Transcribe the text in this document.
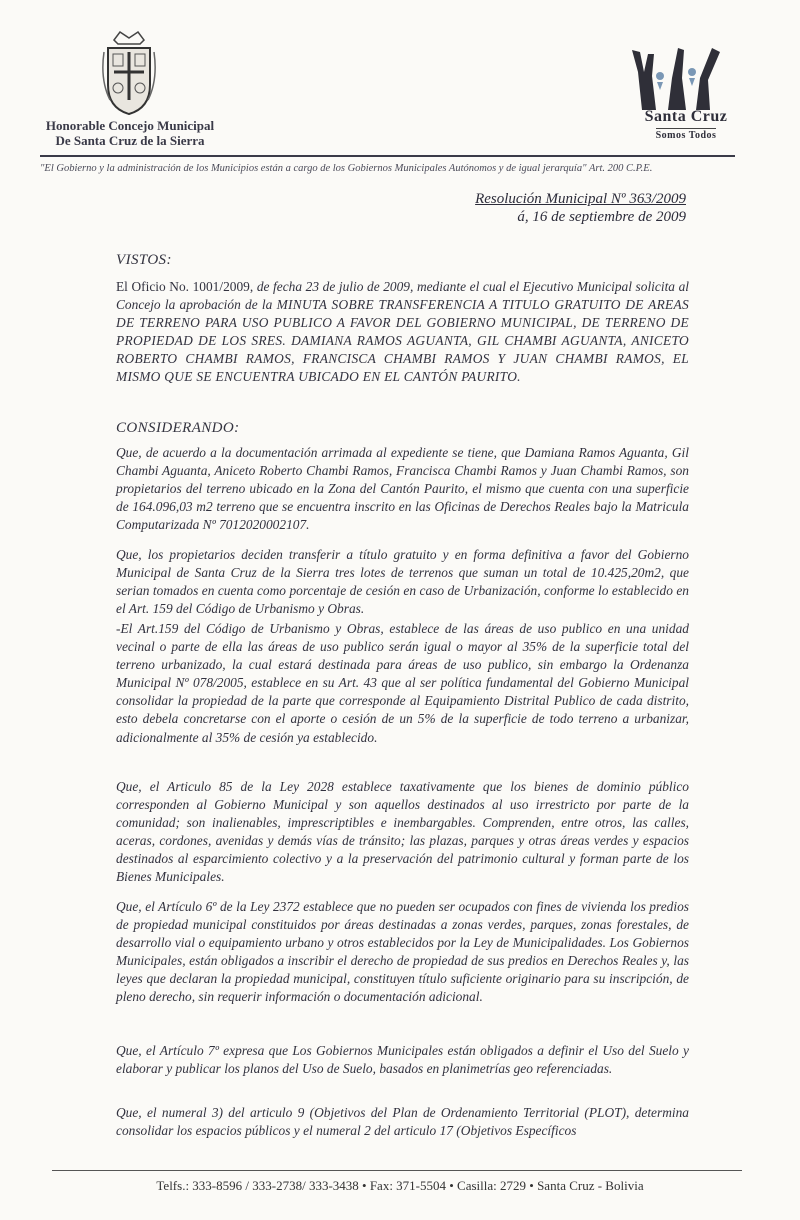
Honorable Concejo Municipal
De Santa Cruz de la Sierra
Santa Cruz
Somos Todos
"El Gobierno y la administración de los Municipios están a cargo de los Gobiernos Municipales Autónomos y de igual jerarquía" Art. 200 C.P.E.
Resolución Municipal Nº 363/2009
á, 16 de septiembre de 2009
VISTOS:
El Oficio No. 1001/2009, de fecha 23 de julio de 2009, mediante el cual el Ejecutivo Municipal solicita al Concejo la aprobación de la MINUTA SOBRE TRANSFERENCIA A TITULO GRATUITO DE AREAS DE TERRENO PARA USO PUBLICO A FAVOR DEL GOBIERNO MUNICIPAL, DE TERRENO DE PROPIEDAD DE LOS SRES. DAMIANA RAMOS AGUANTA, GIL CHAMBI AGUANTA, ANICETO ROBERTO CHAMBI RAMOS, FRANCISCA CHAMBI RAMOS Y JUAN CHAMBI RAMOS, EL MISMO QUE SE ENCUENTRA UBICADO EN EL CANTÓN PAURITO.
CONSIDERANDO:
Que, de acuerdo a la documentación arrimada al expediente se tiene, que Damiana Ramos Aguanta, Gil Chambi Aguanta, Aniceto Roberto Chambi Ramos, Francisca Chambi Ramos y Juan Chambi Ramos, son propietarios del terreno ubicado en la Zona del Cantón Paurito, el mismo que cuenta con una superficie de 164.096,03 m2 terreno que se encuentra inscrito en las Oficinas de Derechos Reales bajo la Matricula Computarizada Nº 7012020002107.
Que, los propietarios deciden transferir a título gratuito y en forma definitiva a favor del Gobierno Municipal de Santa Cruz de la Sierra tres lotes de terrenos que suman un total de 10.425,20m2, que serian tomados en cuenta como porcentaje de cesión en caso de Urbanización, conforme lo establecido en el Art. 159 del Código de Urbanismo y Obras.
-El Art.159 del Código de Urbanismo y Obras, establece de las áreas de uso publico en una unidad vecinal o parte de ella las áreas de uso publico serán igual o mayor al 35% de la superficie total del terreno urbanizado, la cual estará destinada para áreas de uso publico, sin embargo la Ordenanza Municipal Nº 078/2005, establece en su Art. 43 que al ser política fundamental del Gobierno Municipal consolidar la propiedad de la parte que corresponde al Equipamiento Distrital Publico de cada distrito, esto debela concretarse con el aporte o cesión de un 5% de la superficie de todo terreno a urbanizar, adicionalmente al 35% de cesión ya establecido.
Que, el Articulo 85 de la Ley 2028 establece taxativamente que los bienes de dominio público corresponden al Gobierno Municipal y son aquellos destinados al uso irrestricto por parte de la comunidad; son inalienables, imprescriptibles e inembargables. Comprenden, entre otros, las calles, aceras, cordones, avenidas y demás vías de tránsito; las plazas, parques y otras áreas verdes y espacios destinados al esparcimiento colectivo y a la preservación del patrimonio cultural y forman parte de los Bienes Municipales.
Que, el Artículo 6º de la Ley 2372 establece que no pueden ser ocupados con fines de vivienda los predios de propiedad municipal constituidos por áreas destinadas a zonas verdes, parques, zonas forestales, de desarrollo vial o equipamiento urbano y otros establecidos por la Ley de Municipalidades. Los Gobiernos Municipales, están obligados a inscribir el derecho de propiedad de sus predios en Derechos Reales y, las leyes que declaran la propiedad municipal, constituyen título suficiente originario para su inscripción, de pleno derecho, sin requerir información o documentación adicional.
Que, el Artículo 7º expresa que Los Gobiernos Municipales están obligados a definir el Uso del Suelo y elaborar y publicar los planos del Uso de Suelo, basados en planimetrías geo referenciadas.
Que, el numeral 3) del articulo 9 (Objetivos del Plan de Ordenamiento Territorial (PLOT), determina consolidar los espacios públicos y el numeral 2 del articulo 17 (Objetivos Específicos
Telfs.: 333-8596 / 333-2738/ 333-3438 • Fax: 371-5504 • Casilla: 2729 • Santa Cruz - Bolivia
